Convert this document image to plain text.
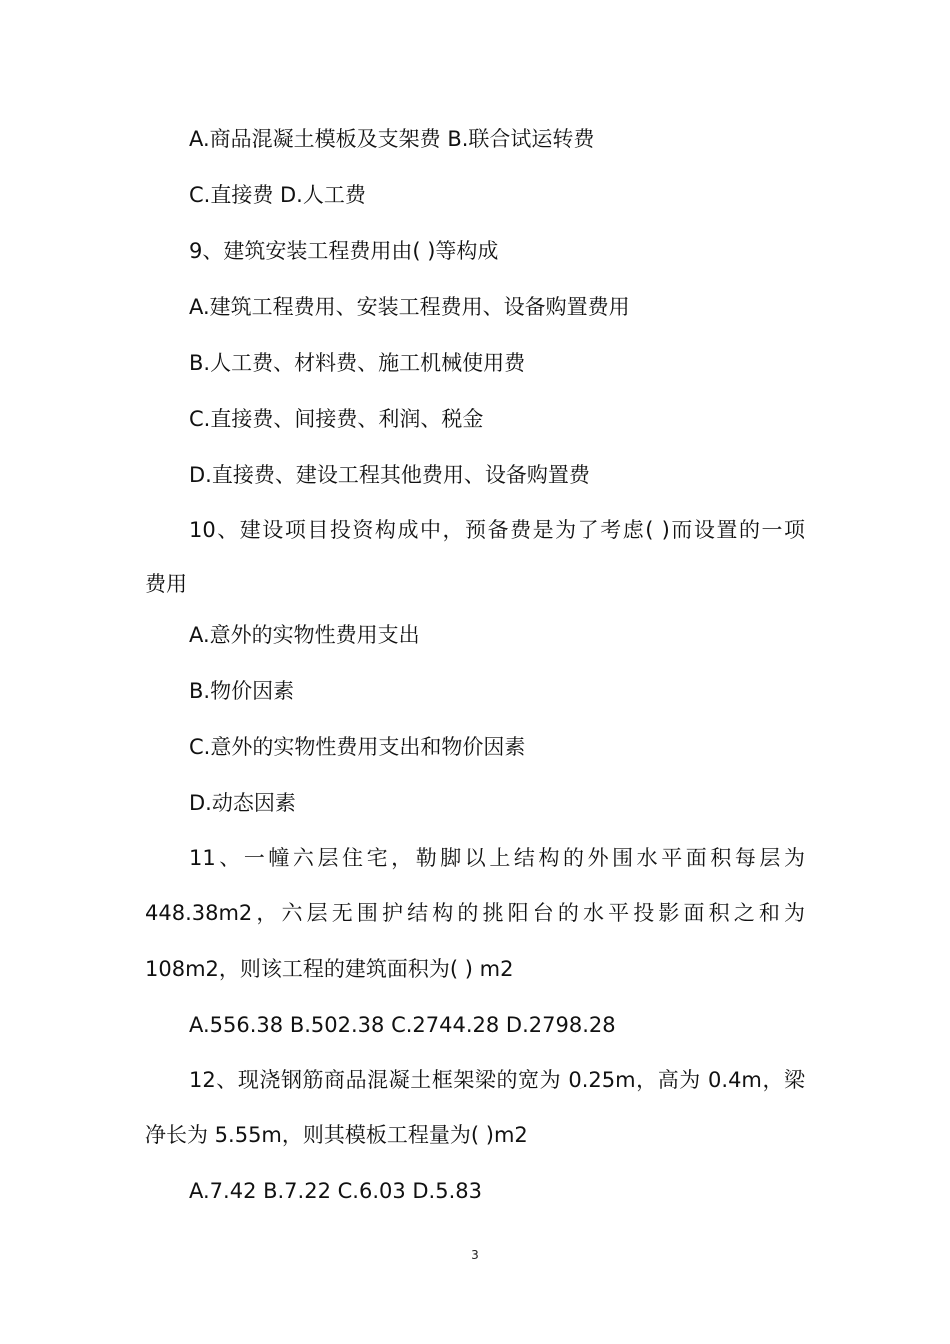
A.商品混凝土模板及支架费 B.联合试运转费
C.直接费 D.人工费
9、建筑安装工程费用由( )等构成
A.建筑工程费用、安装工程费用、设备购置费用
B.人工费、材料费、施工机械使用费
C.直接费、间接费、利润、税金
D.直接费、建设工程其他费用、设备购置费
10、建设项目投资构成中，预备费是为了考虑( )而设置的一项
费用
A.意外的实物性费用支出
B.物价因素
C.意外的实物性费用支出和物价因素
D.动态因素
11、一幢六层住宅，勒脚以上结构的外围水平面积每层为
448.38m2，六层无围护结构的挑阳台的水平投影面积之和为
108m2，则该工程的建筑面积为( ) m2
A.556.38 B.502.38 C.2744.28 D.2798.28
12、现浇钢筋商品混凝土框架梁的宽为 0.25m，高为 0.4m，梁
净长为 5.55m，则其模板工程量为( )m2
A.7.42 B.7.22 C.6.03 D.5.83
3
